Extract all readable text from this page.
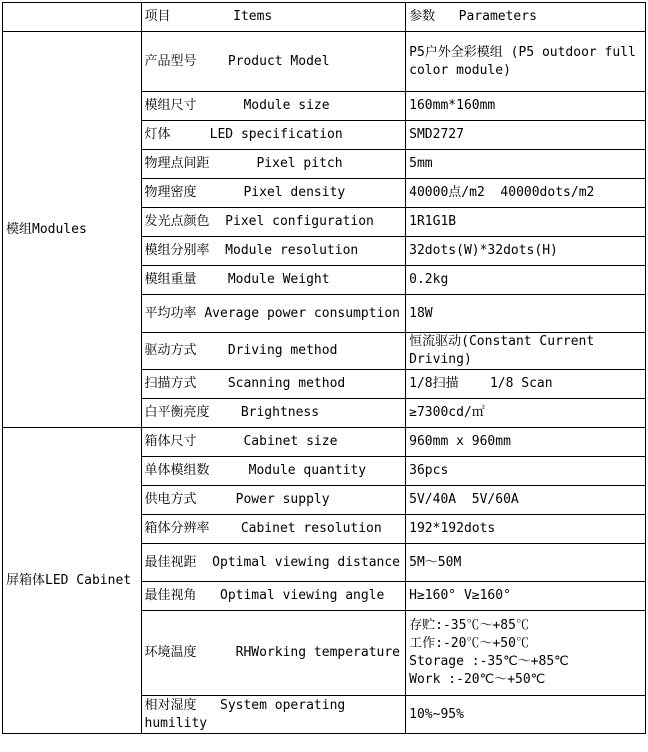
	项目        Items	参数   Parameters
模组Modules	产品型号    Product Model	P5户外全彩模组 (P5 outdoor full color module)
	模组尺寸      Module size	160mm*160mm
	灯体     LED specification	SMD2727
	物理点间距      Pixel pitch	5mm
	物理密度      Pixel density	40000点/m2  40000dots/m2
	发光点颜色  Pixel configuration	1R1G1B
	模组分别率  Module resolution	32dots(W)*32dots(H)
	模组重量    Module Weight	0.2kg
	平均功率 Average power consumption	18W
	驱动方式    Driving method	恒流驱动(Constant Current Driving)
	扫描方式    Scanning method	1/8扫描    1/8 Scan
	白平衡亮度    Brightness	≥7300cd/㎡
屏箱体LED Cabinet	箱体尺寸      Cabinet size	960mm x 960mm
	单体模组数     Module quantity	36pcs
	供电方式     Power supply	5V/40A  5V/60A
	箱体分辨率    Cabinet resolution	192*192dots
	最佳视距  Optimal viewing distance	5M～50M
	最佳视角   Optimal viewing angle	H≥160° V≥160°
	环境温度     RHWorking temperature	存贮:-35℃～+85℃
工作:-20℃～+50℃
Storage :-35℃～+85℃
Work :-20℃～+50℃
	相对湿度   System operating humility	10%~95%
